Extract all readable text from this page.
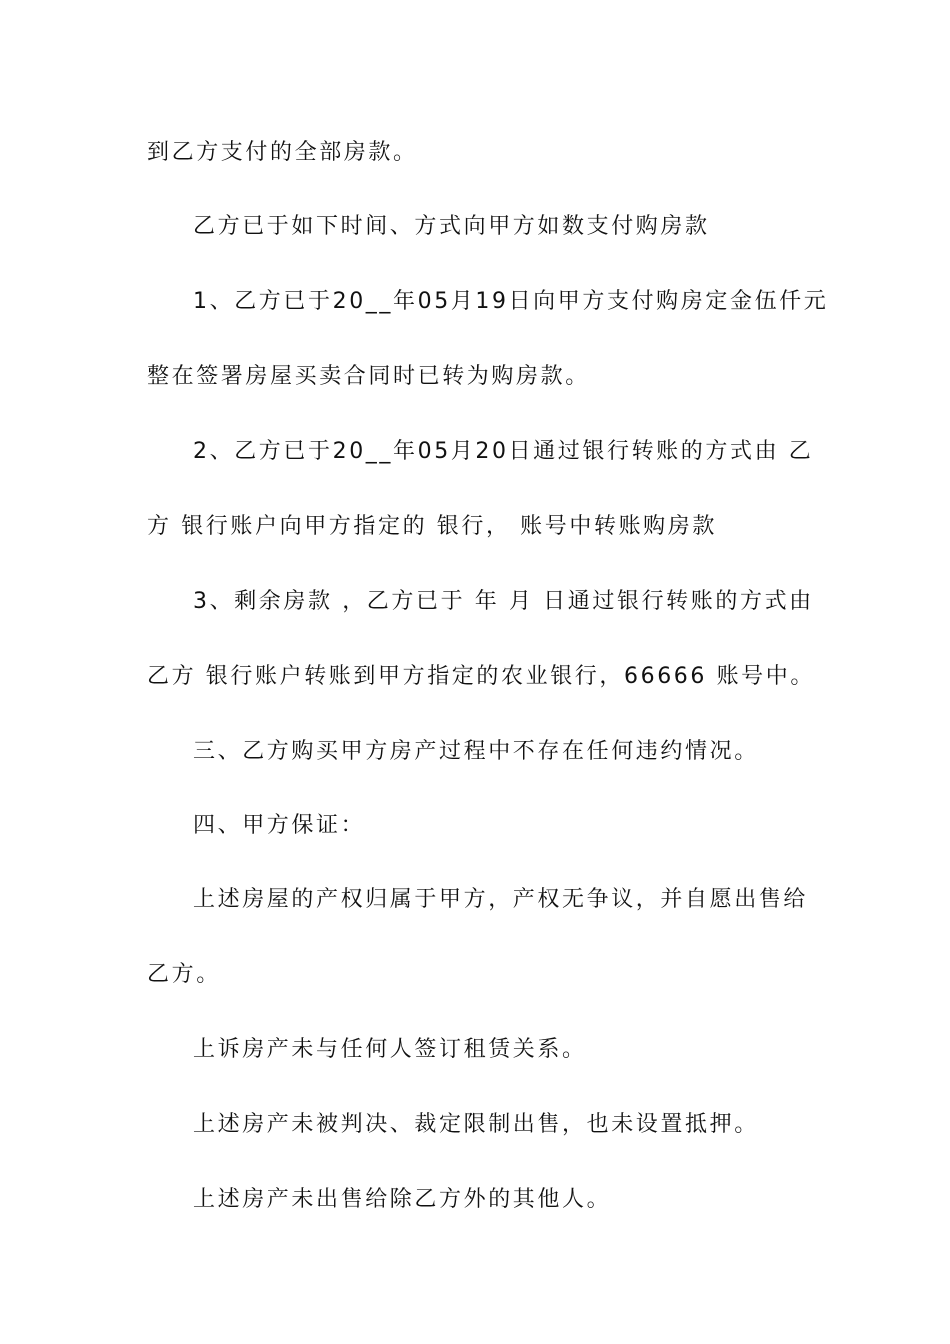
到乙方支付的全部房款。
乙方已于如下时间、方式向甲方如数支付购房款
1、乙方已于20__年05月19日向甲方支付购房定金伍仟元
整在签署房屋买卖合同时已转为购房款。
2、乙方已于20__年05月20日通过银行转账的方式由 乙
方 银行账户向甲方指定的 银行， 账号中转账购房款
3、剩余房款 ，乙方已于 年 月 日通过银行转账的方式由
乙方 银行账户转账到甲方指定的农业银行，66666 账号中。
三、乙方购买甲方房产过程中不存在任何违约情况。
四、甲方保证：
上述房屋的产权归属于甲方，产权无争议，并自愿出售给
乙方。
上诉房产未与任何人签订租赁关系。
上述房产未被判决、裁定限制出售，也未设置抵押。
上述房产未出售给除乙方外的其他人。
